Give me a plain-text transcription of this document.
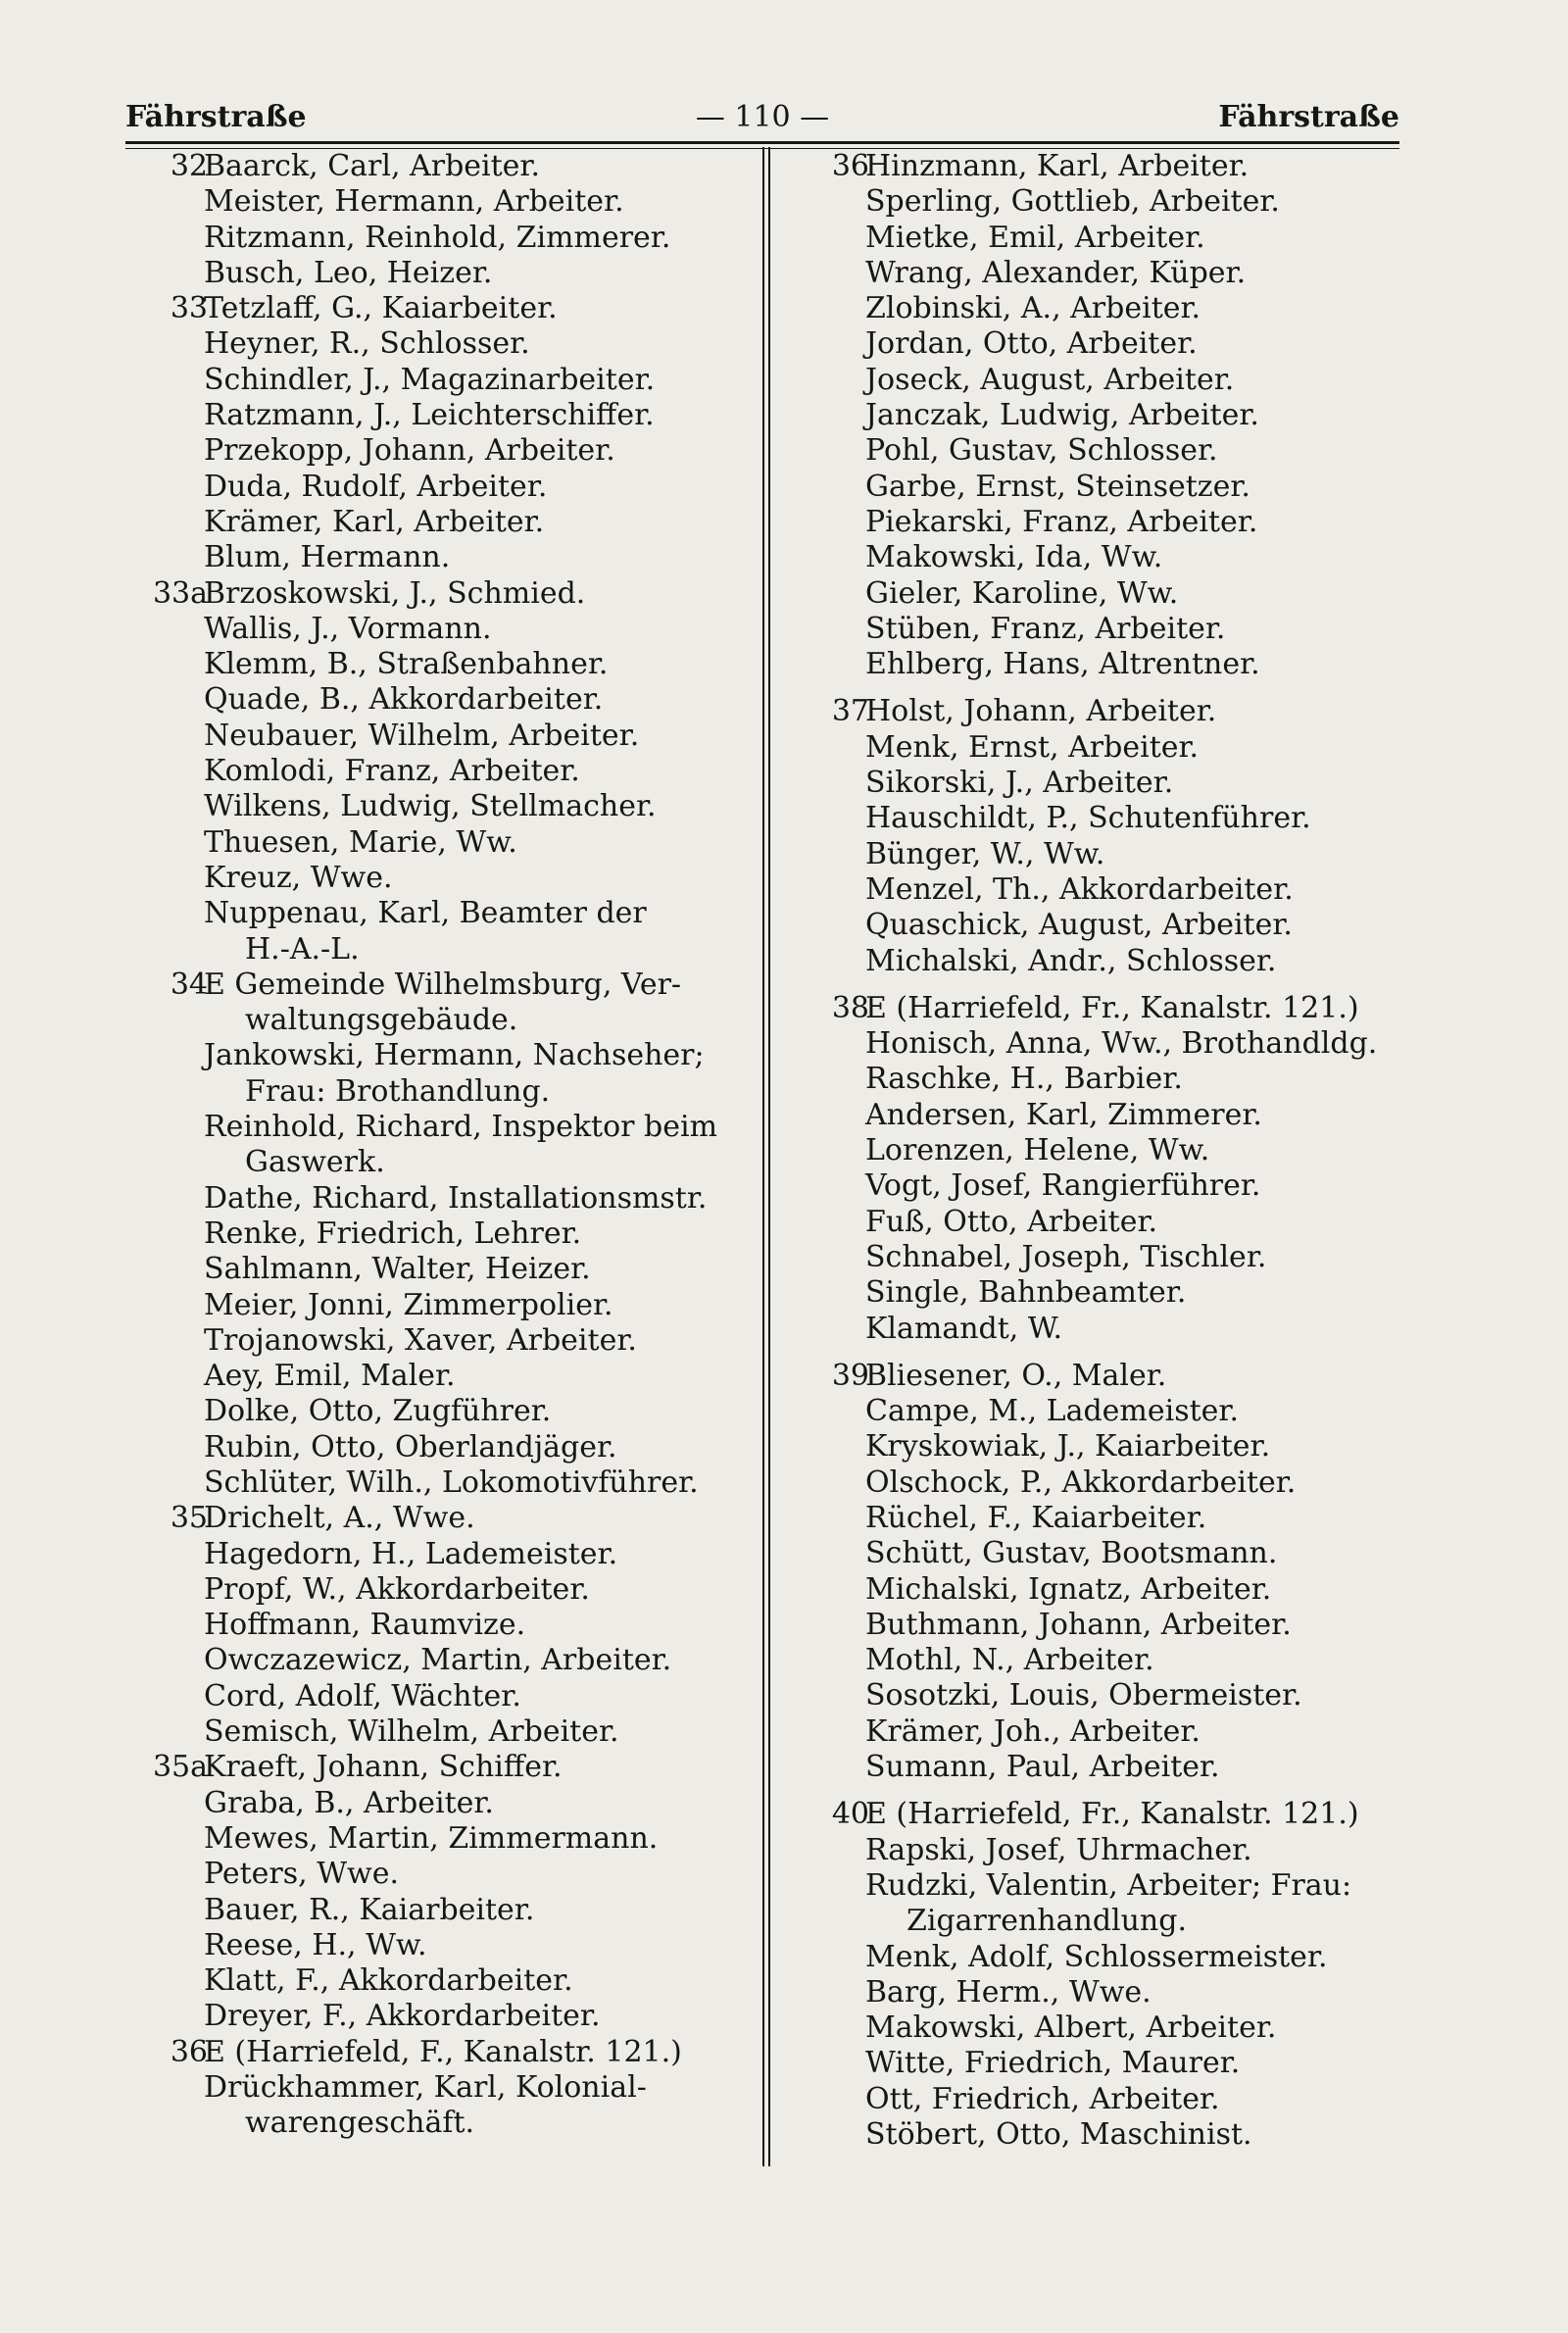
Fährstraße	— 110 —	Fährstraße
32
Baarck, Carl, Arbeiter.
Meister, Hermann, Arbeiter.
Ritzmann, Reinhold, Zimmerer.
Busch, Leo, Heizer.
33
Tetzlaff, G., Kaiarbeiter.
Heyner, R., Schlosser.
Schindler, J., Magazinarbeiter.
Ratzmann, J., Leichterschiffer.
Przekopp, Johann, Arbeiter.
Duda, Rudolf, Arbeiter.
Krämer, Karl, Arbeiter.
Blum, Hermann.
33a
Brzoskowski, J., Schmied.
Wallis, J., Vormann.
Klemm, B., Straßenbahner.
Quade, B., Akkordarbeiter.
Neubauer, Wilhelm, Arbeiter.
Komlodi, Franz, Arbeiter.
Wilkens, Ludwig, Stellmacher.
Thuesen, Marie, Ww.
Kreuz, Wwe.
Nuppenau, Karl, Beamter der
H.-A.-L.
34
E Gemeinde Wilhelmsburg, Ver-
waltungsgebäude.
Jankowski, Hermann, Nachseher;
Frau: Brothandlung.
Reinhold, Richard, Inspektor beim
Gaswerk.
Dathe, Richard, Installationsmstr.
Renke, Friedrich, Lehrer.
Sahlmann, Walter, Heizer.
Meier, Jonni, Zimmerpolier.
Trojanowski, Xaver, Arbeiter.
Aey, Emil, Maler.
Dolke, Otto, Zugführer.
Rubin, Otto, Oberlandjäger.
Schlüter, Wilh., Lokomotivführer.
35
Drichelt, A., Wwe.
Hagedorn, H., Lademeister.
Propf, W., Akkordarbeiter.
Hoffmann, Raumvize.
Owczazewicz, Martin, Arbeiter.
Cord, Adolf, Wächter.
Semisch, Wilhelm, Arbeiter.
35a
Kraeft, Johann, Schiffer.
Graba, B., Arbeiter.
Mewes, Martin, Zimmermann.
Peters, Wwe.
Bauer, R., Kaiarbeiter.
Reese, H., Ww.
Klatt, F., Akkordarbeiter.
Dreyer, F., Akkordarbeiter.
36
E (Harriefeld, F., Kanalstr. 121.)
Drückhammer, Karl, Kolonial-
warengeschäft.
36
Hinzmann, Karl, Arbeiter.
Sperling, Gottlieb, Arbeiter.
Mietke, Emil, Arbeiter.
Wrang, Alexander, Küper.
Zlobinski, A., Arbeiter.
Jordan, Otto, Arbeiter.
Joseck, August, Arbeiter.
Janczak, Ludwig, Arbeiter.
Pohl, Gustav, Schlosser.
Garbe, Ernst, Steinsetzer.
Piekarski, Franz, Arbeiter.
Makowski, Ida, Ww.
Gieler, Karoline, Ww.
Stüben, Franz, Arbeiter.
Ehlberg, Hans, Altrentner.
37
Holst, Johann, Arbeiter.
Menk, Ernst, Arbeiter.
Sikorski, J., Arbeiter.
Hauschildt, P., Schutenführer.
Bünger, W., Ww.
Menzel, Th., Akkordarbeiter.
Quaschick, August, Arbeiter.
Michalski, Andr., Schlosser.
38
E (Harriefeld, Fr., Kanalstr. 121.)
Honisch, Anna, Ww., Brothandldg.
Raschke, H., Barbier.
Andersen, Karl, Zimmerer.
Lorenzen, Helene, Ww.
Vogt, Josef, Rangierführer.
Fuß, Otto, Arbeiter.
Schnabel, Joseph, Tischler.
Single, Bahnbeamter.
Klamandt, W.
39
Bliesener, O., Maler.
Campe, M., Lademeister.
Kryskowiak, J., Kaiarbeiter.
Olschock, P., Akkordarbeiter.
Rüchel, F., Kaiarbeiter.
Schütt, Gustav, Bootsmann.
Michalski, Ignatz, Arbeiter.
Buthmann, Johann, Arbeiter.
Mothl, N., Arbeiter.
Sosotzki, Louis, Obermeister.
Krämer, Joh., Arbeiter.
Sumann, Paul, Arbeiter.
40
E (Harriefeld, Fr., Kanalstr. 121.)
Rapski, Josef, Uhrmacher.
Rudzki, Valentin, Arbeiter; Frau:
Zigarrenhandlung.
Menk, Adolf, Schlossermeister.
Barg, Herm., Wwe.
Makowski, Albert, Arbeiter.
Witte, Friedrich, Maurer.
Ott, Friedrich, Arbeiter.
Stöbert, Otto, Maschinist.
